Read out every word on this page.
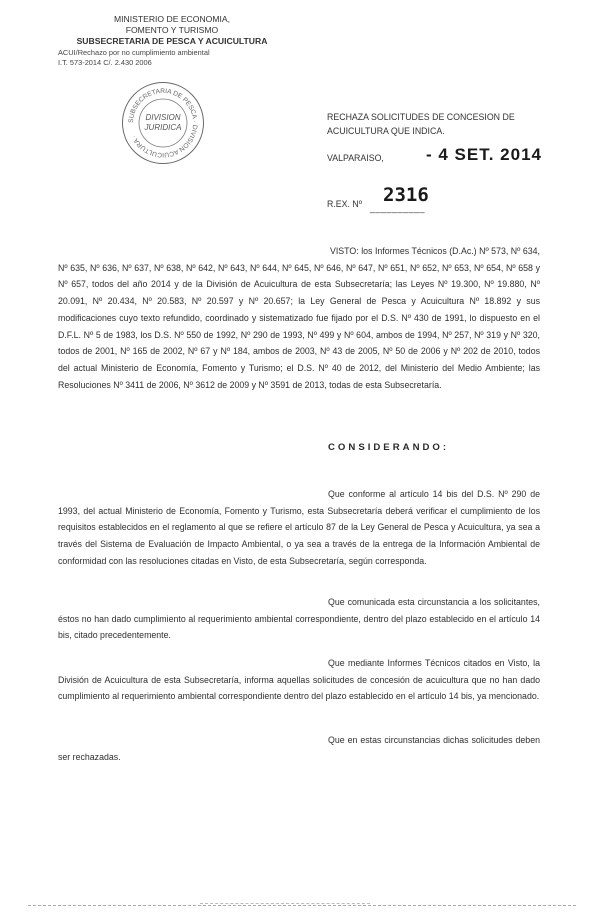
MINISTERIO DE ECONOMIA,
FOMENTO Y TURISMO
SUBSECRETARIA DE PESCA Y ACUICULTURA
ACUI/Rechazo por no cumplimiento ambiental
I.T. 573-2014 C/. 2.430 2006
SUBSECRETARIA DE PESCA · DIVISION ACUICULTURA ·
DIVISION
JURIDICA
RECHAZA SOLICITUDES DE CONCESION DE ACUICULTURA QUE INDICA.
VALPARAISO, - 4 SET. 2014
R.EX. Nº 2316
__________
VISTO: los Informes Técnicos (D.Ac.) Nº 573, Nº 634, Nº 635, Nº 636, Nº 637, Nº 638, Nº 642, Nº 643, Nº 644, Nº 645, Nº 646, Nº 647, Nº 651, Nº 652, Nº 653, Nº 654, Nº 658 y Nº 657, todos del año 2014 y de la División de Acuicultura de esta Subsecretaría; las Leyes Nº 19.300, Nº 19.880, Nº 20.091, Nº 20.434, Nº 20.583, Nº 20.597 y Nº 20.657; la Ley General de Pesca y Acuicultura Nº 18.892 y sus modificaciones cuyo texto refundido, coordinado y sistematizado fue fijado por el D.S. Nº 430 de 1991, lo dispuesto en el D.F.L. Nº 5 de 1983, los D.S. Nº 550 de 1992, Nº 290 de 1993, Nº 499 y Nº 604, ambos de 1994, Nº 257, Nº 319 y Nº 320, todos de 2001, Nº 165 de 2002, Nº 67 y Nº 184, ambos de 2003, Nº 43 de 2005, Nº 50 de 2006 y Nº 202 de 2010, todos del actual Ministerio de Economía, Fomento y Turismo; el D.S. Nº 40 de 2012, del Ministerio del Medio Ambiente; las Resoluciones Nº 3411 de 2006, Nº 3612 de 2009 y Nº 3591 de 2013, todas de esta Subsecretaría.
CONSIDERANDO:
Que conforme al artículo 14 bis del D.S. Nº 290 de 1993, del actual Ministerio de Economía, Fomento y Turismo, esta Subsecretaría deberá verificar el cumplimiento de los requisitos establecidos en el reglamento al que se refiere el artículo 87 de la Ley General de Pesca y Acuicultura, ya sea a través del Sistema de Evaluación de Impacto Ambiental, o ya sea a través de la entrega de la Información Ambiental de conformidad con las resoluciones citadas en Visto, de esta Subsecretaría, según corresponda.
Que comunicada esta circunstancia a los solicitantes, éstos no han dado cumplimiento al requerimiento ambiental correspondiente, dentro del plazo establecido en el artículo 14 bis, citado precedentemente.
Que mediante Informes Técnicos citados en Visto, la División de Acuicultura de esta Subsecretaría, informa aquellas solicitudes de concesión de acuicultura que no han dado cumplimiento al requerimiento ambiental correspondiente dentro del plazo establecido en el artículo 14 bis, ya mencionado.
Que en estas circunstancias dichas solicitudes deben ser rechazadas.
